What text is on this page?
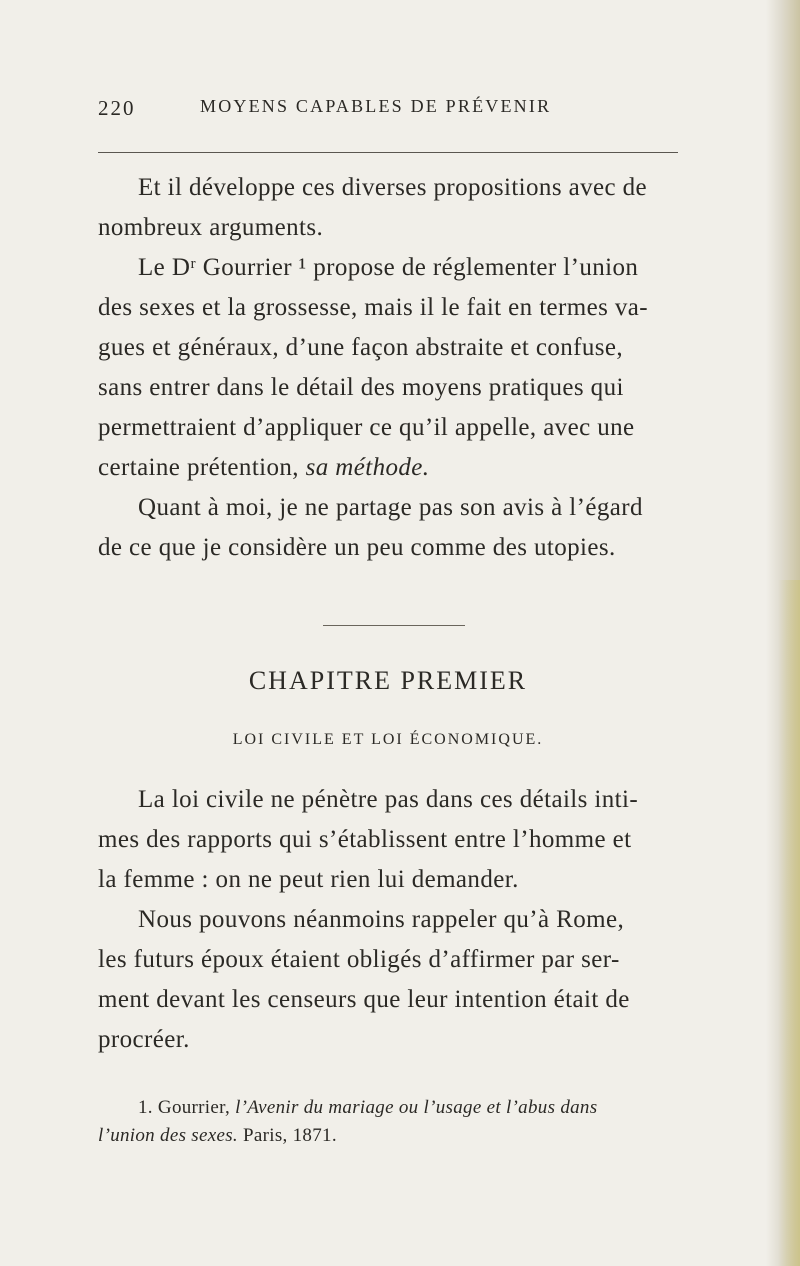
220	MOYENS CAPABLES DE PRÉVENIR
Et il développe ces diverses propositions avec de
nombreux arguments.
Le Dʳ Gourrier ¹ propose de réglementer l’union
des sexes et la grossesse, mais il le fait en termes va-
gues et généraux, d’une façon abstraite et confuse,
sans entrer dans le détail des moyens pratiques qui
permettraient d’appliquer ce qu’il appelle, avec une
certaine prétention, sa méthode.
Quant à moi, je ne partage pas son avis à l’égard
de ce que je considère un peu comme des utopies.
CHAPITRE PREMIER
LOI CIVILE ET LOI ÉCONOMIQUE.
La loi civile ne pénètre pas dans ces détails inti-
mes des rapports qui s’établissent entre l’homme et
la femme : on ne peut rien lui demander.
Nous pouvons néanmoins rappeler qu’à Rome,
les futurs époux étaient obligés d’affirmer par ser-
ment devant les censeurs que leur intention était de
procréer.
1. Gourrier, l’Avenir du mariage ou l’usage et l’abus dans
l’union des sexes. Paris, 1871.
